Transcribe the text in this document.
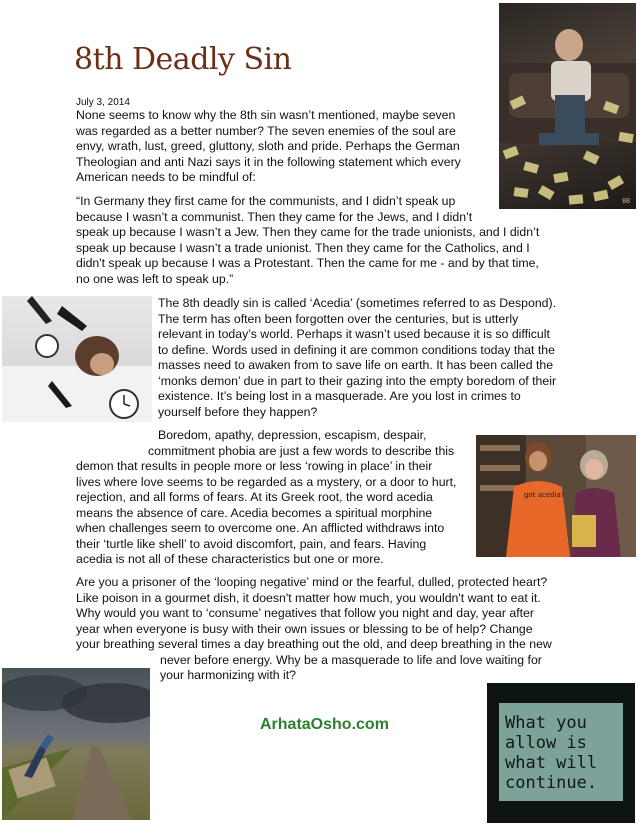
8th Deadly Sin
July 3, 2014
88
None seems to know why the 8th sin wasn’t mentioned, maybe seven
was regarded as a better number? The seven enemies of the soul are
envy, wrath, lust, greed, gluttony, sloth and pride. Perhaps the German
Theologian and anti Nazi says it in the following statement which every
American needs to be mindful of:
“In Germany they first came for the communists, and I didn’t speak up
because I wasn’t a communist. Then they came for the Jews, and I didn’t
speak up because I wasn’t a Jew. Then they came for the trade unionists, and I didn’t
speak up because I wasn’t a trade unionist. Then they came for the Catholics, and I
didn't speak up because I was a Protestant. Then the came for me - and by that time,
no one was left to speak up.”
The 8th deadly sin is called ‘Acedia’ (sometimes referred to as Despond).
The term has often been forgotten over the centuries, but is utterly
relevant in today’s world. Perhaps it wasn’t used because it is so difficult
to define. Words used in defining it are common conditions today that the
masses need to awaken from to save life on earth. It has been called the
‘monks demon’ due in part to their gazing into the empty boredom of their
existence. It’s being lost in a masquerade. Are you lost in crimes to
yourself before they happen?
got acedia?
Boredom, apathy, depression, escapism, despair,
commitment phobia are just a few words to describe this
demon that results in people more or less ‘rowing in place’ in their
lives where love seems to be regarded as a mystery, or a door to hurt,
rejection, and all forms of fears. At its Greek root, the word acedia
means the absence of care. Acedia becomes a spiritual morphine
when challenges seem to overcome one. An afflicted withdraws into
their ‘turtle like shell’ to avoid discomfort, pain, and fears. Having
acedia is not all of these characteristics but one or more.
Are you a prisoner of the ‘looping negative’ mind or the fearful, dulled, protected heart?
Like poison in a gourmet dish, it doesn't matter how much, you wouldn't want to eat it.
Why would you want to ‘consume’ negatives that follow you night and day, year after
year when everyone is busy with their own issues or blessing to be of help? Change
your breathing several times a day breathing out the old, and deep breathing in the new
never before energy. Why be a masquerade to life and love waiting for
your harmonizing with it?
ArhataOsho.com	What you allow is what will continue.
